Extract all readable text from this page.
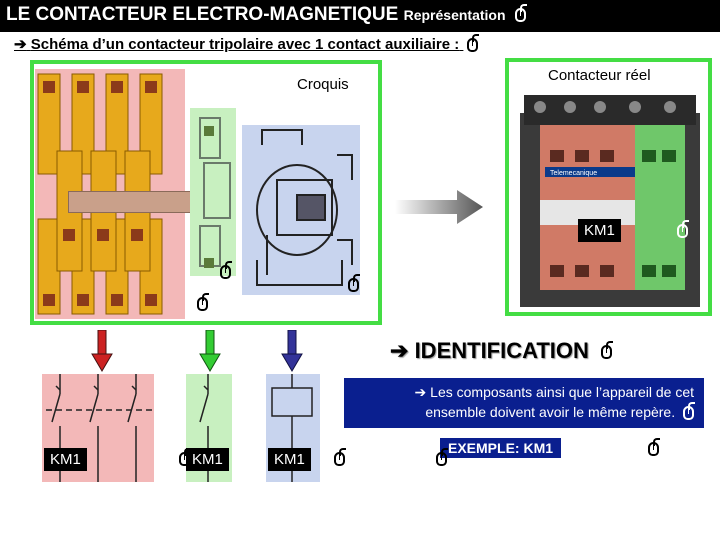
LE CONTACTEUR ELECTRO-MAGNETIQUE Représentation
➔ Schéma d’un contacteur tripolaire avec 1 contact auxiliaire :
Croquis

Contacteur réel
Telemecanique
KM1

➔ IDENTIFICATION
➔ Les composants ainsi que l’appareil de cet ensemble doivent avoir le même repère.
EXEMPLE: KM1

KM1
	KM1
	KM1
